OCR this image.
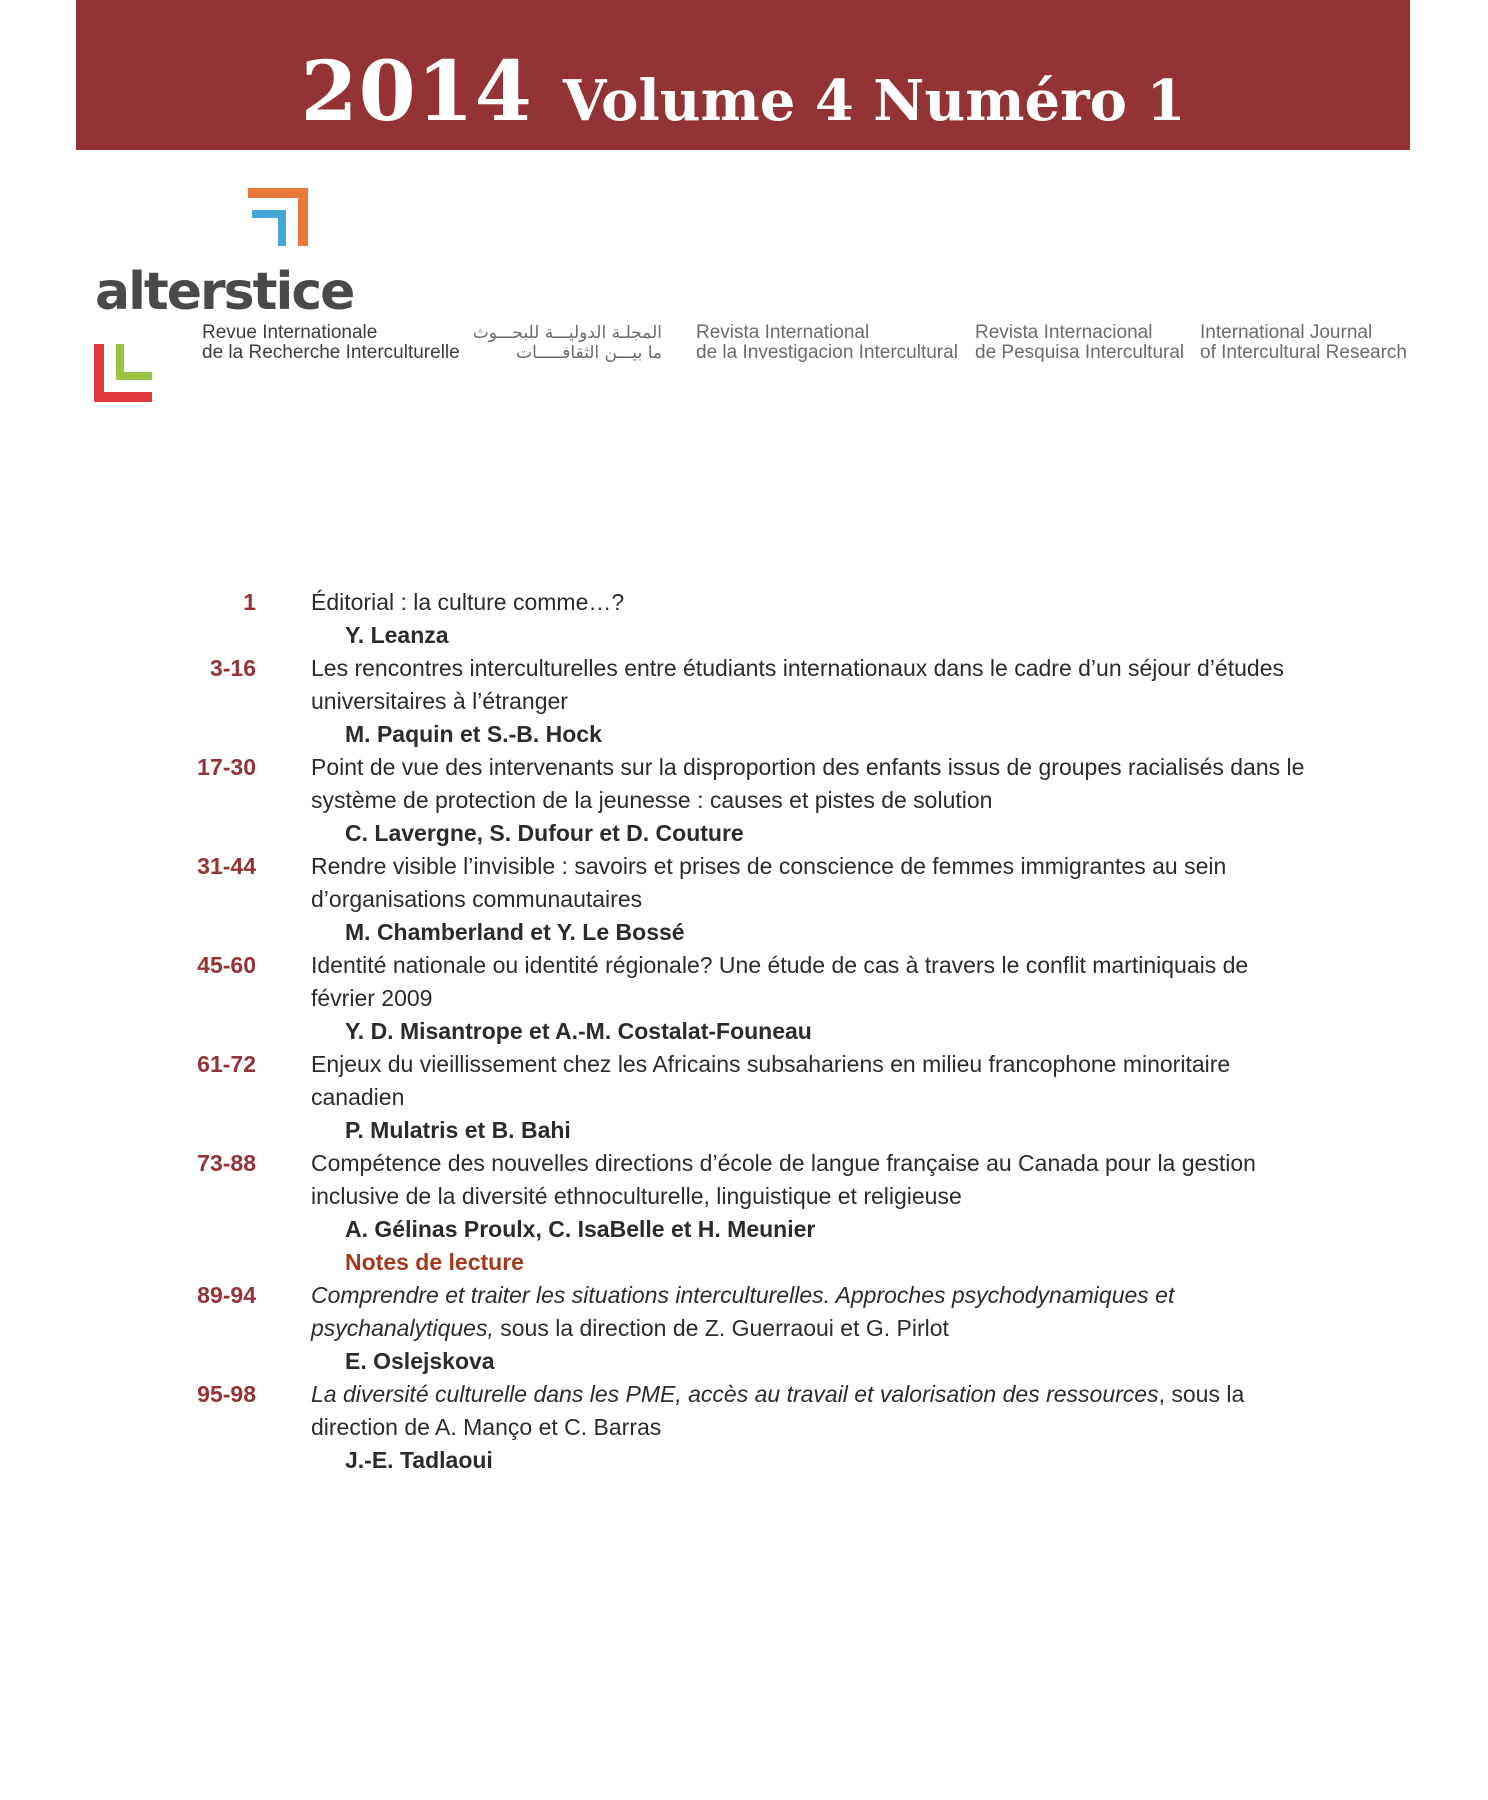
2014 Volume 4 Numéro 1
alterstice
Revue Internationale
de la Recherche Interculturelle
المجلـة الدوليـــة للبحـــوث
ما بيـــن الثقافـــــات
Revista International
de la Investigacion Intercultural
Revista Internacional
de Pesquisa Intercultural
International Journal
of Intercultural Research
1 Éditorial : la culture comme…?
Y. Leanza
3-16 Les rencontres interculturelles entre étudiants internationaux dans le cadre d’un séjour d’études universitaires à l’étranger
M. Paquin et S.-B. Hock
17-30 Point de vue des intervenants sur la disproportion des enfants issus de groupes racialisés dans le système de protection de la jeunesse : causes et pistes de solution
C. Lavergne, S. Dufour et D. Couture
31-44 Rendre visible l’invisible : savoirs et prises de conscience de femmes immigrantes au sein d’organisations communautaires
M. Chamberland et Y. Le Bossé
45-60 Identité nationale ou identité régionale? Une étude de cas à travers le conflit martiniquais de février 2009
Y. D. Misantrope et A.-M. Costalat-Founeau
61-72 Enjeux du vieillissement chez les Africains subsahariens en milieu francophone minoritaire canadien
P. Mulatris et B. Bahi
73-88 Compétence des nouvelles directions d’école de langue française au Canada pour la gestion inclusive de la diversité ethnoculturelle, linguistique et religieuse
A. Gélinas Proulx, C. IsaBelle et H. Meunier
Notes de lecture
89-94 Comprendre et traiter les situations interculturelles. Approches psychodynamiques et psychanalytiques, sous la direction de Z. Guerraoui et G. Pirlot
E. Oslejskova
95-98 La diversité culturelle dans les PME, accès au travail et valorisation des ressources, sous la direction de A. Manço et C. Barras
J.-E. Tadlaoui
